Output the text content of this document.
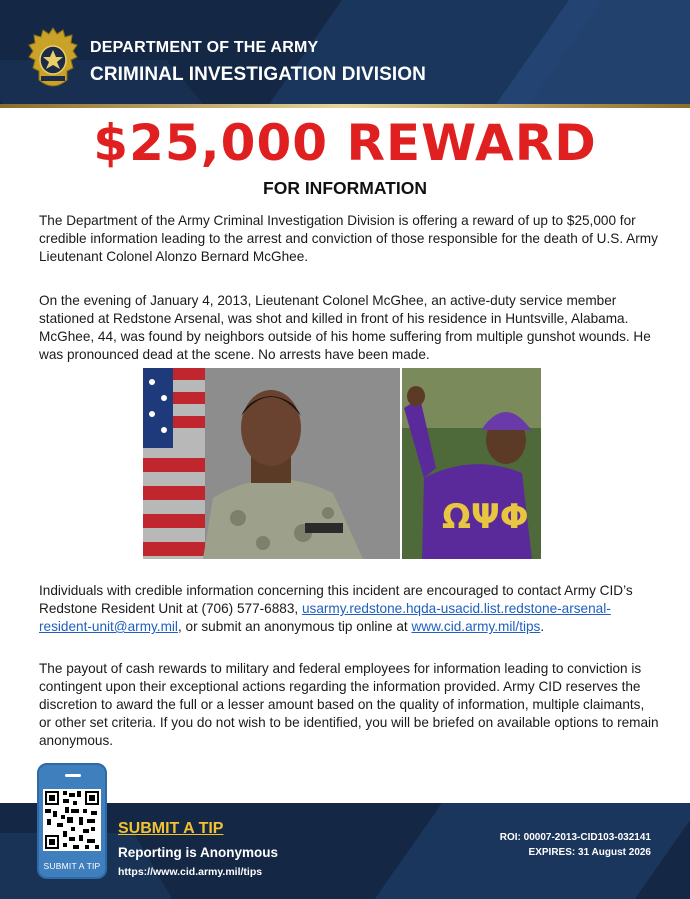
DEPARTMENT OF THE ARMY
CRIMINAL INVESTIGATION DIVISION
$25,000 REWARD
FOR INFORMATION

The Department of the Army Criminal Investigation Division is offering a reward of up to $25,000 for credible information leading to the arrest and conviction of those responsible for the death of U.S. Army Lieutenant Colonel Alonzo Bernard McGhee.

On the evening of January 4, 2013, Lieutenant Colonel McGhee, an active-duty service member stationed at Redstone Arsenal, was shot and killed in front of his residence in Huntsville, Alabama. McGhee, 44, was found by neighbors outside of his home suffering from multiple gunshot wounds. He was pronounced dead at the scene. No arrests have been made.

ΩΨΦ

Individuals with credible information concerning this incident are encouraged to contact Army CID’s Redstone Resident Unit at (706) 577-6883, usarmy.redstone.hqda-usacid.list.redstone-arsenal-resident-unit@army.mil, or submit an anonymous tip online at www.cid.army.mil/tips.

The payout of cash rewards to military and federal employees for information leading to conviction is contingent upon their exceptional actions regarding the information provided. Army CID reserves the discretion to award the full or a lesser amount based on the quality of information, multiple claimants, or other set criteria. If you do not wish to be identified, you will be briefed on available options to remain anonymous.

SUBMIT A TIP
SUBMIT A TIP
Reporting is Anonymous
https://www.cid.army.mil/tips
ROI: 00007-2013-CID103-032141
EXPIRES: 31 August 2026
